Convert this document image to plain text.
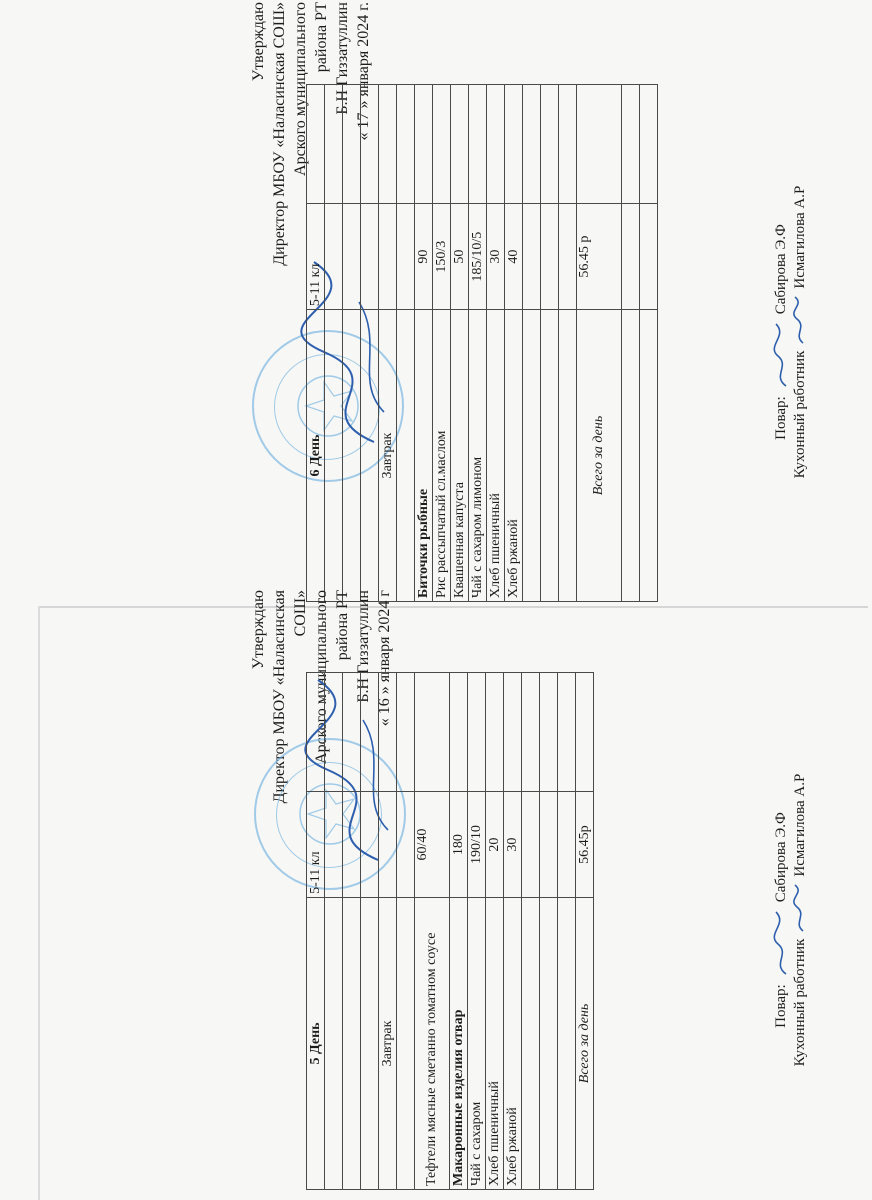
Утверждаю Директор МБОУ «Наласинская СОШ» Арского муниципального района РТ Б.Н Гиззатуллин « 17 » января 2024 г.
6 День	5-11 кл	

Завтрак		

Биточки рыбные	90	
Рис рассыпчатый сл.маслом	150/3	
Квашенная капуста	50	
Чай с сахаром лимоном	185/10/5	
Хлеб пшеничный	30	
Хлеб ржаной	40	

Всего за день	56.45 р	

Повар:
Сабирова Э.Ф
Кухонный работник
Исмагилова А.Р
Утверждаю Директор МБОУ «Наласинская СОШ» Арского муниципального района РТ Б.Н Гиззатуллин « 16 » января 2024 г
5 День	5-11 кл	

Завтрак		

Тефтели мясные сметанно томатном соусе	60/40	
Макаронные изделия отвар	180	
Чай с сахаром	190/10	
Хлеб пшеничный	20	
Хлеб ржаной	30	

Всего за день	56.45р	
Повар:
Сабирова Э.Ф
Кухонный работник
Исмагилова А.Р
